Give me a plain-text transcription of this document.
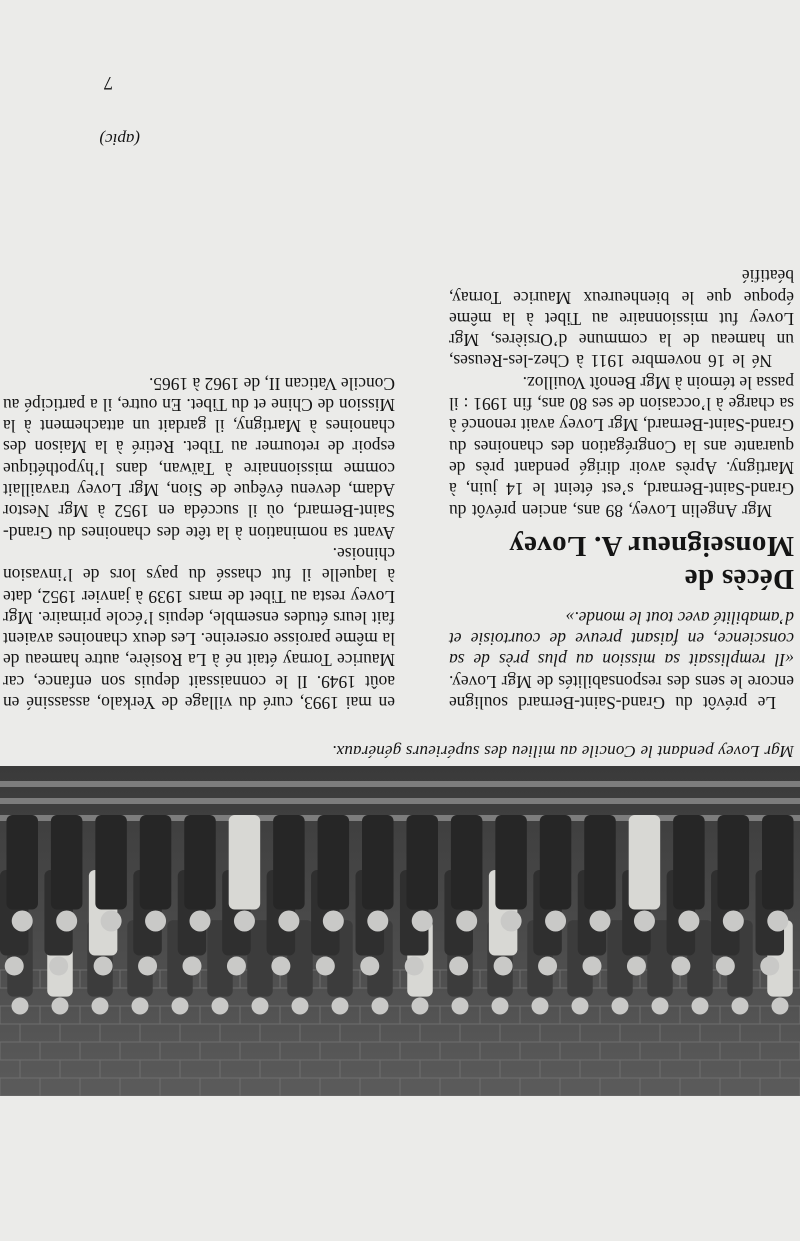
Mgr Lovey pendant le Concile au milieu des supérieurs généraux.

Le prévôt du Grand-Saint-Bernard souligne encore le sens des responsabilités de Mgr Lovey. «Il remplissait sa mission au plus près de sa conscience, en faisant preuve de courtoisie et d’amabilité avec tout le monde.»

Décès de
Monseigneur A. Lovey

Mgr Angelin Lovey, 89 ans, ancien prévôt du Grand-Saint-Bernard, s’est éteint le 14 juin, à Martigny. Après avoir dirigé pendant près de quarante ans la Congrégation des chanoines du Grand-Saint-Bernard, Mgr Lovey avait renoncé à sa charge à l’occasion de ses 80 ans, fin 1991 : il passa le témoin à Mgr Benoît Vouilloz.

Né le 16 novembre 1911 à Chez-les-Reuses, un hameau de la commune d’Orsières, Mgr Lovey fut missionnaire au Tibet à la même époque que le bienheureux Maurice Tornay, béatifié

en mai 1993, curé du village de Yerkalo, assassiné en août 1949. Il le connaissait depuis son enfance, car Maurice Tornay était né à La Rosière, autre hameau de la même paroisse orsereine. Les deux chanoines avaient fait leurs études ensemble, depuis l’école primaire. Mgr Lovey resta au Tibet de mars 1939 à janvier 1952, date à laquelle il fut chassé du pays lors de l’invasion chinoise.

Avant sa nomination à la tête des chanoines du Grand-Saint-Bernard, où il succéda en 1952 à Mgr Nestor Adam, devenu évêque de Sion, Mgr Lovey travaillait comme missionnaire à Taïwan, dans l’hypothétique espoir de retourner au Tibet. Retiré à la Maison des chanoines à Martigny, il gardait un attachement à la Mission de Chine et du Tibet. En outre, il a participé au Concile Vatican II, de 1962 à 1965.

(apic)
7
